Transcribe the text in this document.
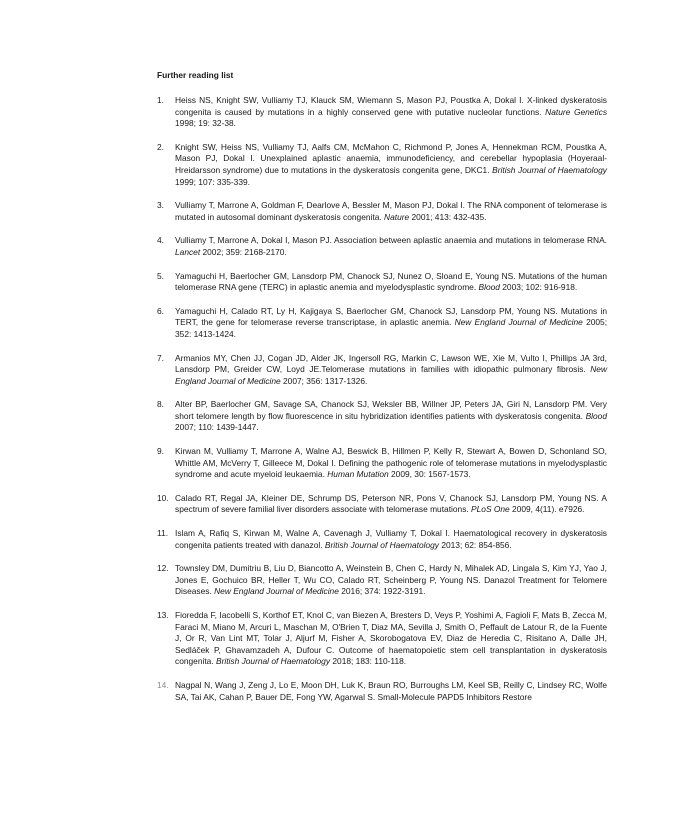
Further reading list
1. Heiss NS, Knight SW, Vulliamy TJ, Klauck SM, Wiemann S, Mason PJ, Poustka A, Dokal I. X-linked dyskeratosis congenita is caused by mutations in a highly conserved gene with putative nucleolar functions. Nature Genetics 1998; 19: 32-38.
2. Knight SW, Heiss NS, Vulliamy TJ, Aalfs CM, McMahon C, Richmond P, Jones A, Hennekman RCM, Poustka A, Mason PJ, Dokal I. Unexplained aplastic anaemia, immunodeficiency, and cerebellar hypoplasia (Hoyeraal-Hreidarsson syndrome) due to mutations in the dyskeratosis congenita gene, DKC1. British Journal of Haematology 1999; 107: 335-339.
3. Vulliamy T, Marrone A, Goldman F, Dearlove A, Bessler M, Mason PJ, Dokal I. The RNA component of telomerase is mutated in autosomal dominant dyskeratosis congenita. Nature 2001; 413: 432-435.
4. Vulliamy T, Marrone A, Dokal I, Mason PJ. Association between aplastic anaemia and mutations in telomerase RNA. Lancet 2002; 359: 2168-2170.
5. Yamaguchi H, Baerlocher GM, Lansdorp PM, Chanock SJ, Nunez O, Sloand E, Young NS. Mutations of the human telomerase RNA gene (TERC) in aplastic anemia and myelodysplastic syndrome. Blood 2003; 102: 916-918.
6. Yamaguchi H, Calado RT, Ly H, Kajigaya S, Baerlocher GM, Chanock SJ, Lansdorp PM, Young NS. Mutations in TERT, the gene for telomerase reverse transcriptase, in aplastic anemia. New England Journal of Medicine 2005; 352: 1413-1424.
7. Armanios MY, Chen JJ, Cogan JD, Alder JK, Ingersoll RG, Markin C, Lawson WE, Xie M, Vulto I, Phillips JA 3rd, Lansdorp PM, Greider CW, Loyd JE.Telomerase mutations in families with idiopathic pulmonary fibrosis. New England Journal of Medicine 2007; 356: 1317-1326.
8. Alter BP, Baerlocher GM, Savage SA, Chanock SJ, Weksler BB, Willner JP, Peters JA, Giri N, Lansdorp PM. Very short telomere length by flow fluorescence in situ hybridization identifies patients with dyskeratosis congenita. Blood 2007; 110: 1439-1447.
9. Kirwan M, Vulliamy T, Marrone A, Walne AJ, Beswick B, Hillmen P, Kelly R, Stewart A, Bowen D, Schonland SO, Whittle AM, McVerry T, Gilleece M, Dokal I. Defining the pathogenic role of telomerase mutations in myelodysplastic syndrome and acute myeloid leukaemia. Human Mutation 2009, 30: 1567-1573.
10. Calado RT, Regal JA, Kleiner DE, Schrump DS, Peterson NR, Pons V, Chanock SJ, Lansdorp PM, Young NS. A spectrum of severe familial liver disorders associate with telomerase mutations. PLoS One 2009, 4(11). e7926.
11. Islam A, Rafiq S, Kirwan M, Walne A, Cavenagh J, Vulliamy T, Dokal I. Haematological recovery in dyskeratosis congenita patients treated with danazol. British Journal of Haematology 2013; 62: 854-856.
12. Townsley DM, Dumitriu B, Liu D, Biancotto A, Weinstein B, Chen C, Hardy N, Mihalek AD, Lingala S, Kim YJ, Yao J, Jones E, Gochuico BR, Heller T, Wu CO, Calado RT, Scheinberg P, Young NS. Danazol Treatment for Telomere Diseases. New England Journal of Medicine 2016; 374: 1922-3191.
13. Fioredda F, Iacobelli S, Korthof ET, Knol C, van Biezen A, Bresters D, Veys P, Yoshimi A, Fagioli F, Mats B, Zecca M, Faraci M, Miano M, Arcuri L, Maschan M, O'Brien T, Diaz MA, Sevilla J, Smith O, Peffault de Latour R, de la Fuente J, Or R, Van Lint MT, Tolar J, Aljurf M, Fisher A, Skorobogatova EV, Diaz de Heredia C, Risitano A, Dalle JH, Sedláček P, Ghavamzadeh A, Dufour C. Outcome of haematopoietic stem cell transplantation in dyskeratosis congenita. British Journal of Haematology 2018; 183: 110-118.
14. Nagpal N, Wang J, Zeng J, Lo E, Moon DH, Luk K, Braun RO, Burroughs LM, Keel SB, Reilly C, Lindsey RC, Wolfe SA, Tai AK, Cahan P, Bauer DE, Fong YW, Agarwal S. Small-Molecule PAPD5 Inhibitors Restore
